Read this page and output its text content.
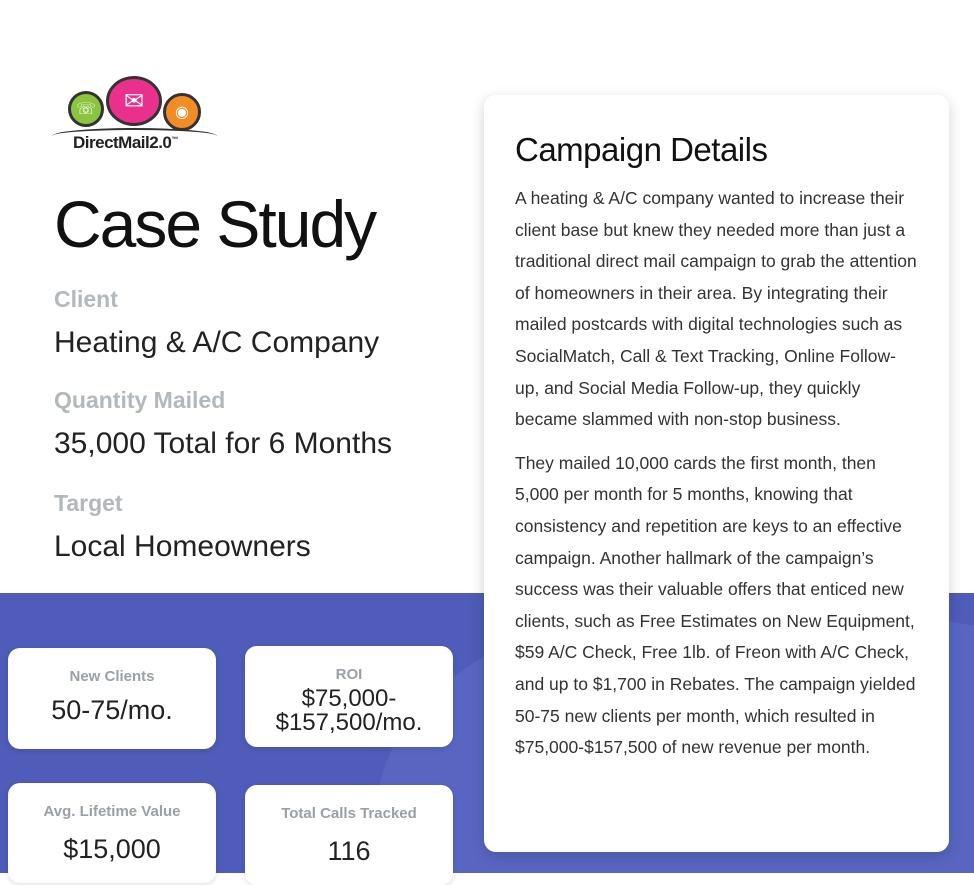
☏	✉	◉
DirectMail2.0™
Case Study
Client
Heating & A/C Company
Quantity Mailed
35,000 Total for 6 Months
Target
Local Homeowners
New Clients
50-75/mo.
ROI
$75,000-
$157,500/mo.
Avg. Lifetime Value
$15,000
Total Calls Tracked
116
Campaign Details

A heating & A/C company wanted to increase their client base but knew they needed more than just a traditional direct mail campaign to grab the attention of homeowners in their area. By integrating their mailed postcards with digital technologies such as SocialMatch, Call & Text Tracking, Online Follow-up, and Social Media Follow-up, they quickly became slammed with non-stop business.

They mailed 10,000 cards the first month, then 5,000 per month for 5 months, knowing that consistency and repetition are keys to an effective campaign. Another hallmark of the campaign’s success was their valuable offers that enticed new clients, such as Free Estimates on New Equipment, $59 A/C Check, Free 1lb. of Freon with A/C Check, and up to $1,700 in Rebates. The campaign yielded 50-75 new clients per month, which resulted in $75,000-$157,500 of new revenue per month.
